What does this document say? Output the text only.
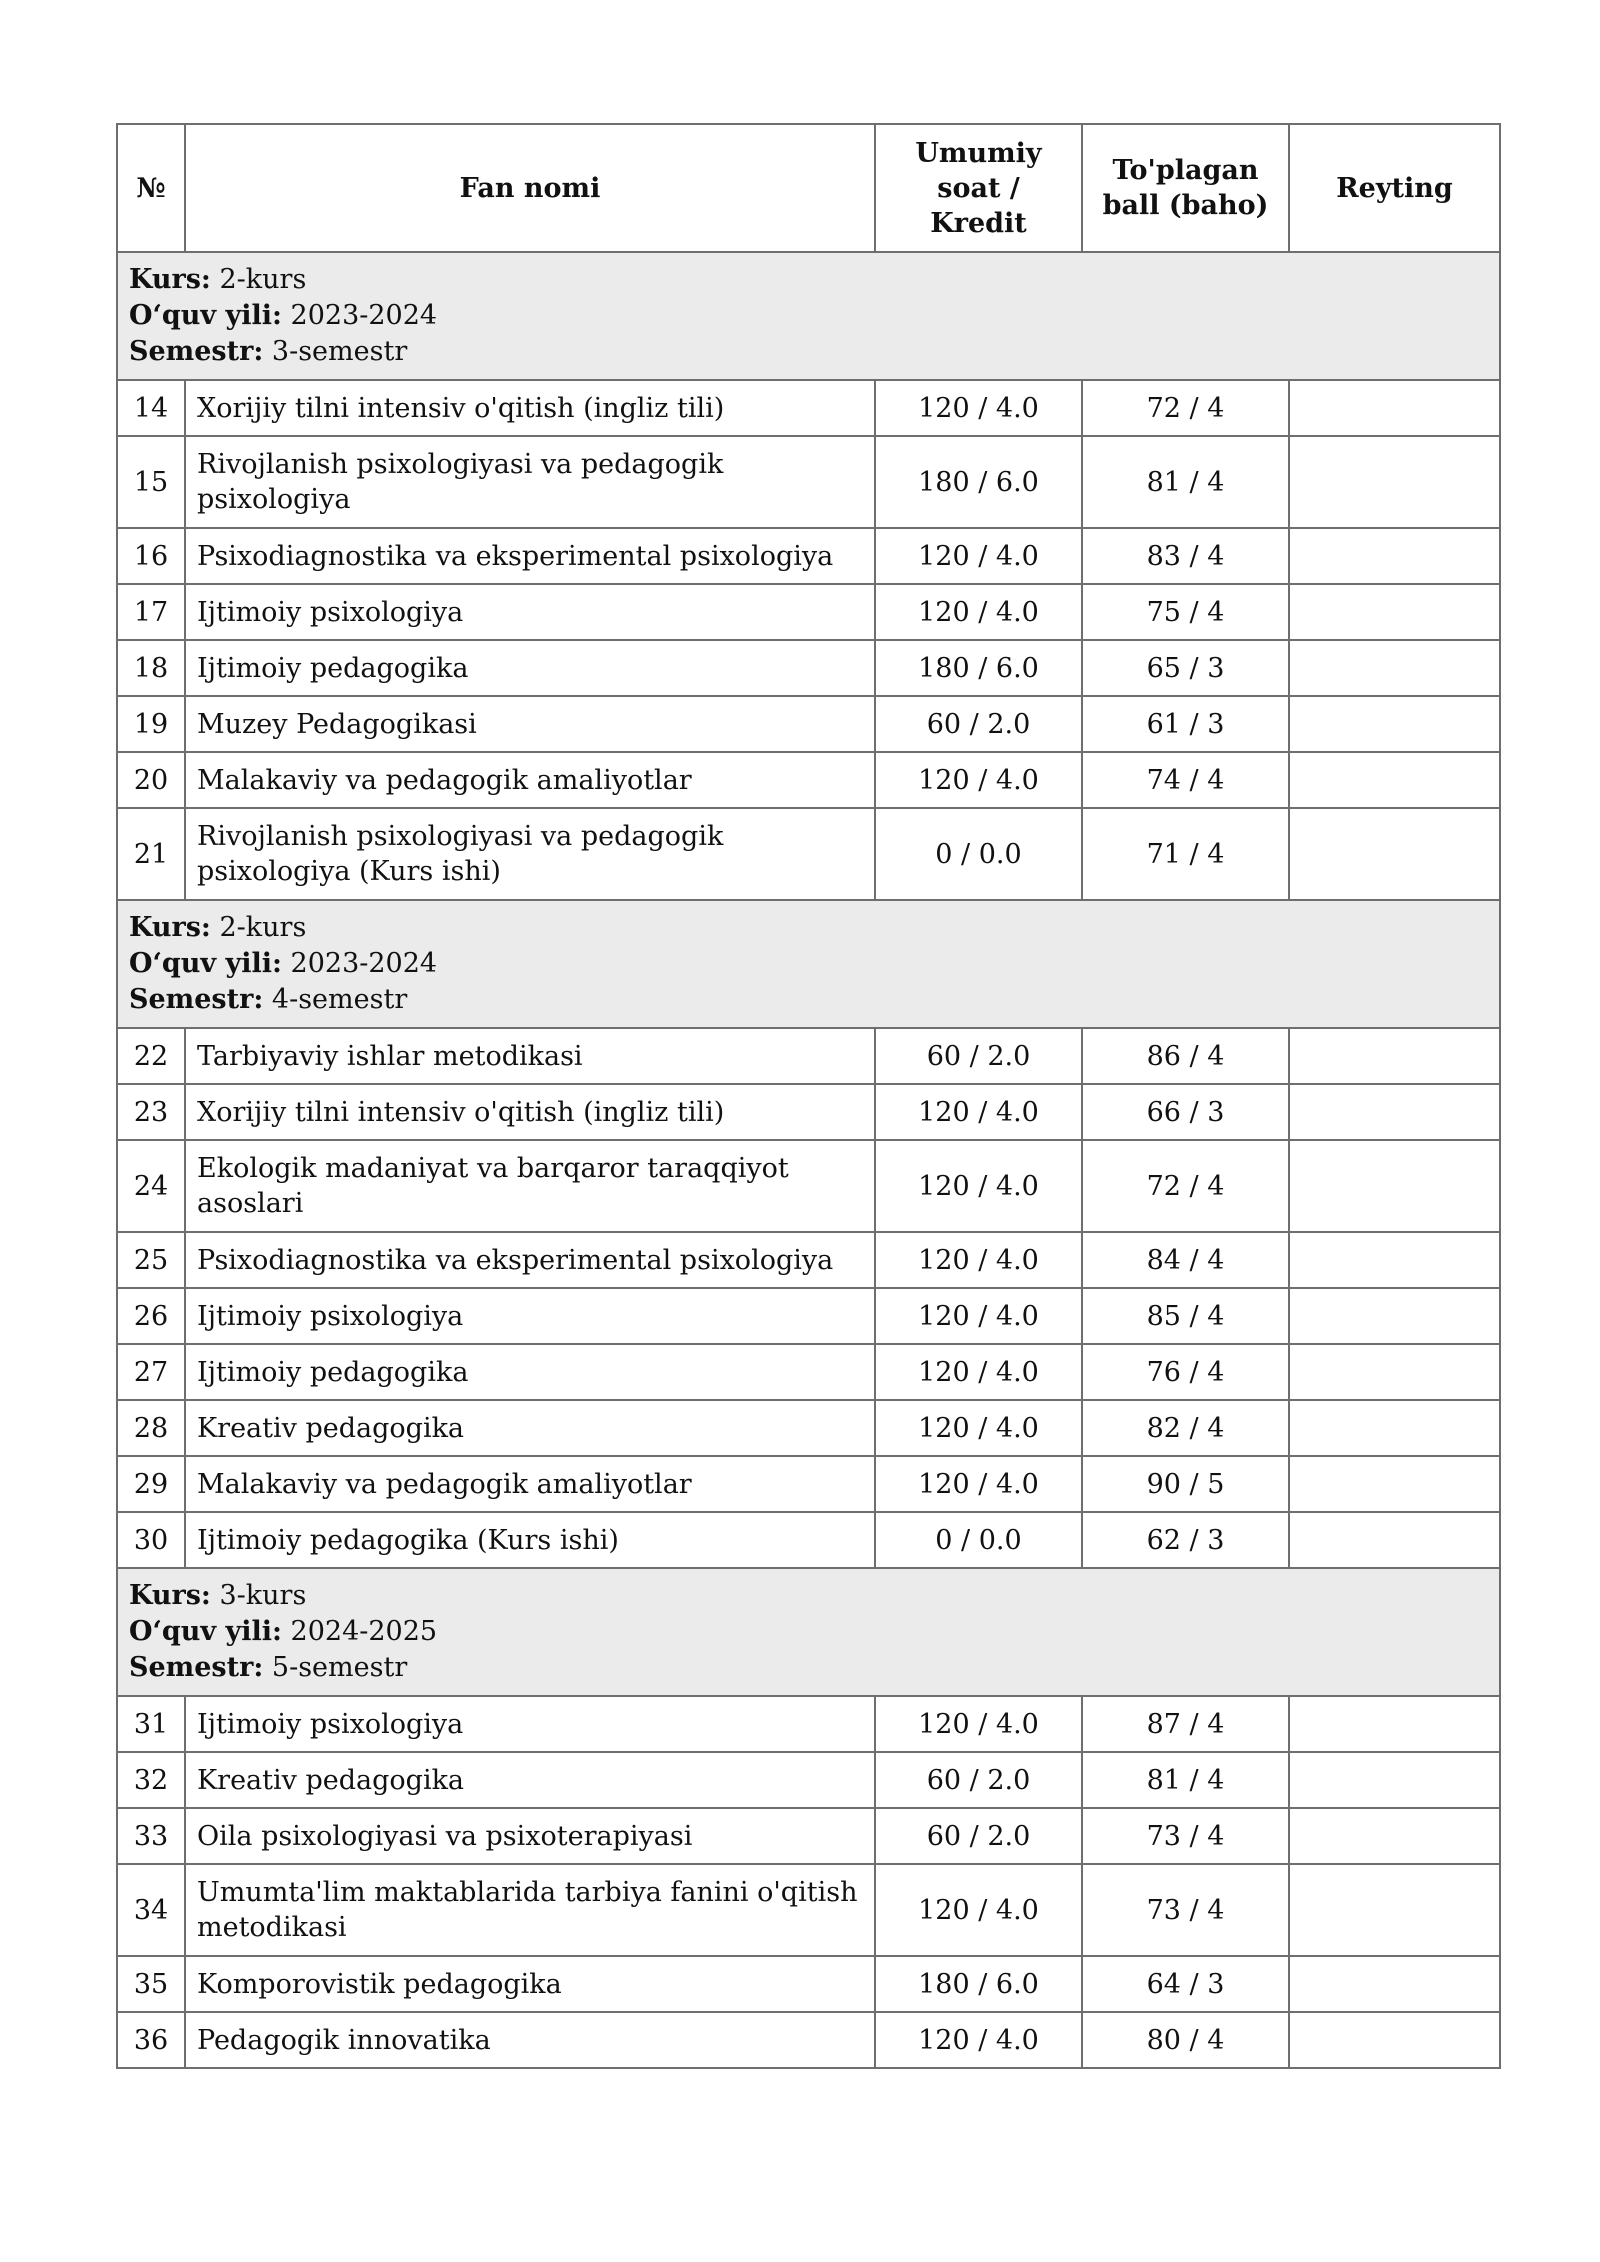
№	Fan nomi	Umumiy soat / Kredit	To'plagan ball (baho)	Reyting

Kurs: 2-kurs
O‘quv yili: 2023-2024
Semestr: 3-semestr				

14	Xorijiy tilni intensiv o'qitish (ingliz tili)	120 / 4.0	72 / 4	
15	Rivojlanish psixologiyasi va pedagogik psixologiya	180 / 6.0	81 / 4	
16	Psixodiagnostika va eksperimental psixologiya	120 / 4.0	83 / 4	
17	Ijtimoiy psixologiya	120 / 4.0	75 / 4	
18	Ijtimoiy pedagogika	180 / 6.0	65 / 3	
19	Muzey Pedagogikasi	60 / 2.0	61 / 3	
20	Malakaviy va pedagogik amaliyotlar	120 / 4.0	74 / 4	
21	Rivojlanish psixologiyasi va pedagogik psixologiya (Kurs ishi)	0 / 0.0	71 / 4	

Kurs: 2-kurs
O‘quv yili: 2023-2024
Semestr: 4-semestr				

22	Tarbiyaviy ishlar metodikasi	60 / 2.0	86 / 4	
23	Xorijiy tilni intensiv o'qitish (ingliz tili)	120 / 4.0	66 / 3	
24	Ekologik madaniyat va barqaror taraqqiyot asoslari	120 / 4.0	72 / 4	
25	Psixodiagnostika va eksperimental psixologiya	120 / 4.0	84 / 4	
26	Ijtimoiy psixologiya	120 / 4.0	85 / 4	
27	Ijtimoiy pedagogika	120 / 4.0	76 / 4	
28	Kreativ pedagogika	120 / 4.0	82 / 4	
29	Malakaviy va pedagogik amaliyotlar	120 / 4.0	90 / 5	
30	Ijtimoiy pedagogika (Kurs ishi)	0 / 0.0	62 / 3	

Kurs: 3-kurs
O‘quv yili: 2024-2025
Semestr: 5-semestr				

31	Ijtimoiy psixologiya	120 / 4.0	87 / 4	
32	Kreativ pedagogika	60 / 2.0	81 / 4	
33	Oila psixologiyasi va psixoterapiyasi	60 / 2.0	73 / 4	
34	Umumta'lim maktablarida tarbiya fanini o'qitish metodikasi	120 / 4.0	73 / 4	
35	Komporovistik pedagogika	180 / 6.0	64 / 3	
36	Pedagogik innovatika	120 / 4.0	80 / 4	
